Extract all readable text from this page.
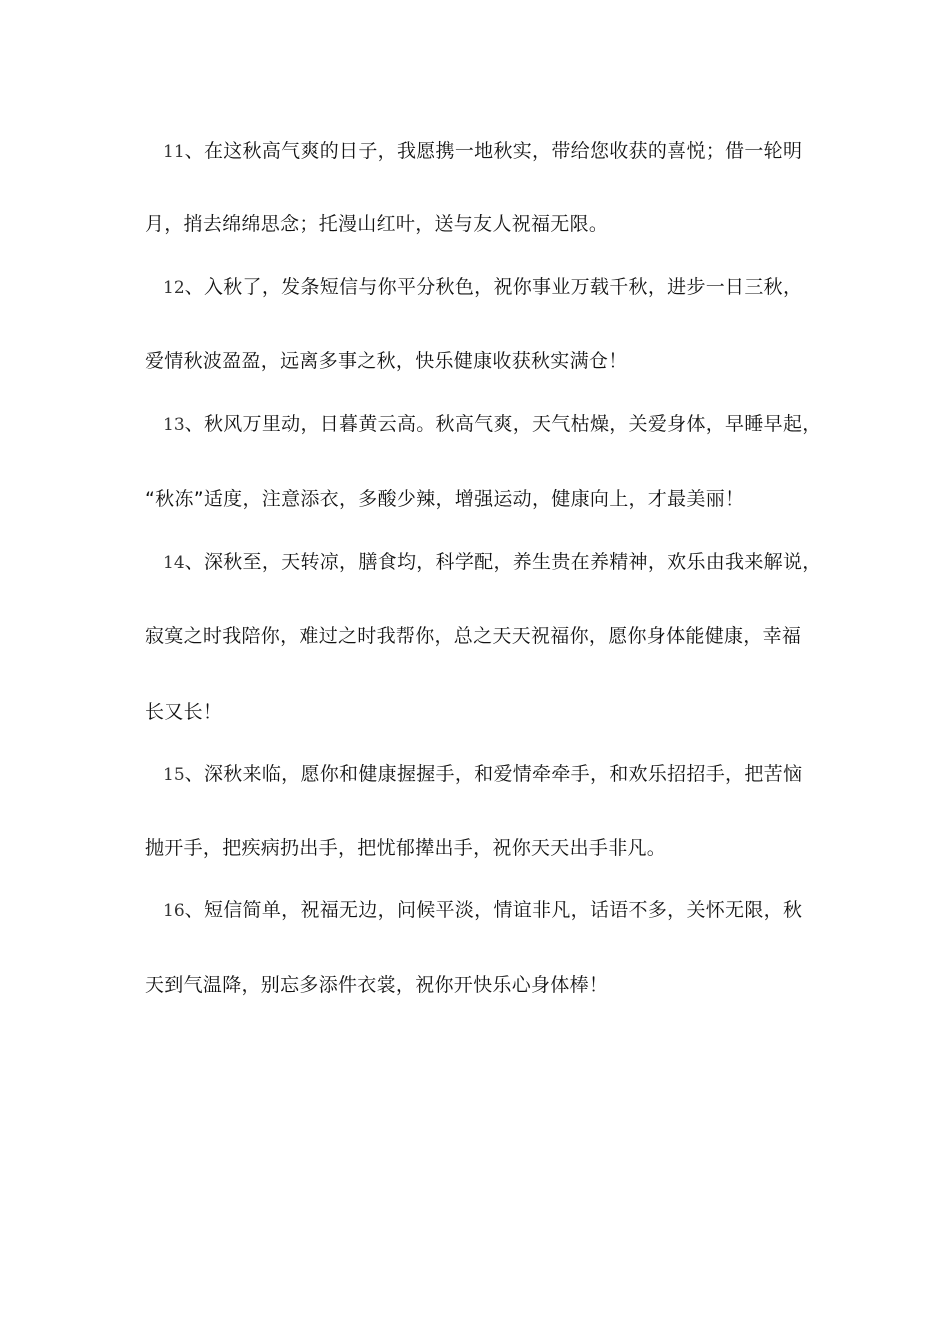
11、在这秋高气爽的日子，我愿携一地秋实，带给您收获的喜悦；借一轮明
月，捎去绵绵思念；托漫山红叶，送与友人祝福无限。
12、入秋了，发条短信与你平分秋色，祝你事业万载千秋，进步一日三秋，
爱情秋波盈盈，远离多事之秋，快乐健康收获秋实满仓！
13、秋风万里动，日暮黄云高。秋高气爽，天气枯燥，关爱身体，早睡早起，
“秋冻”适度，注意添衣，多酸少辣，增强运动，健康向上，才最美丽！
14、深秋至，天转凉，膳食均，科学配，养生贵在养精神，欢乐由我来解说，
寂寞之时我陪你，难过之时我帮你，总之天天祝福你，愿你身体能健康，幸福
长又长！
15、深秋来临，愿你和健康握握手，和爱情牵牵手，和欢乐招招手，把苦恼
抛开手，把疾病扔出手，把忧郁撵出手，祝你天天出手非凡。
16、短信简单，祝福无边，问候平淡，情谊非凡，话语不多，关怀无限，秋
天到气温降，别忘多添件衣裳，祝你开快乐心身体棒！
